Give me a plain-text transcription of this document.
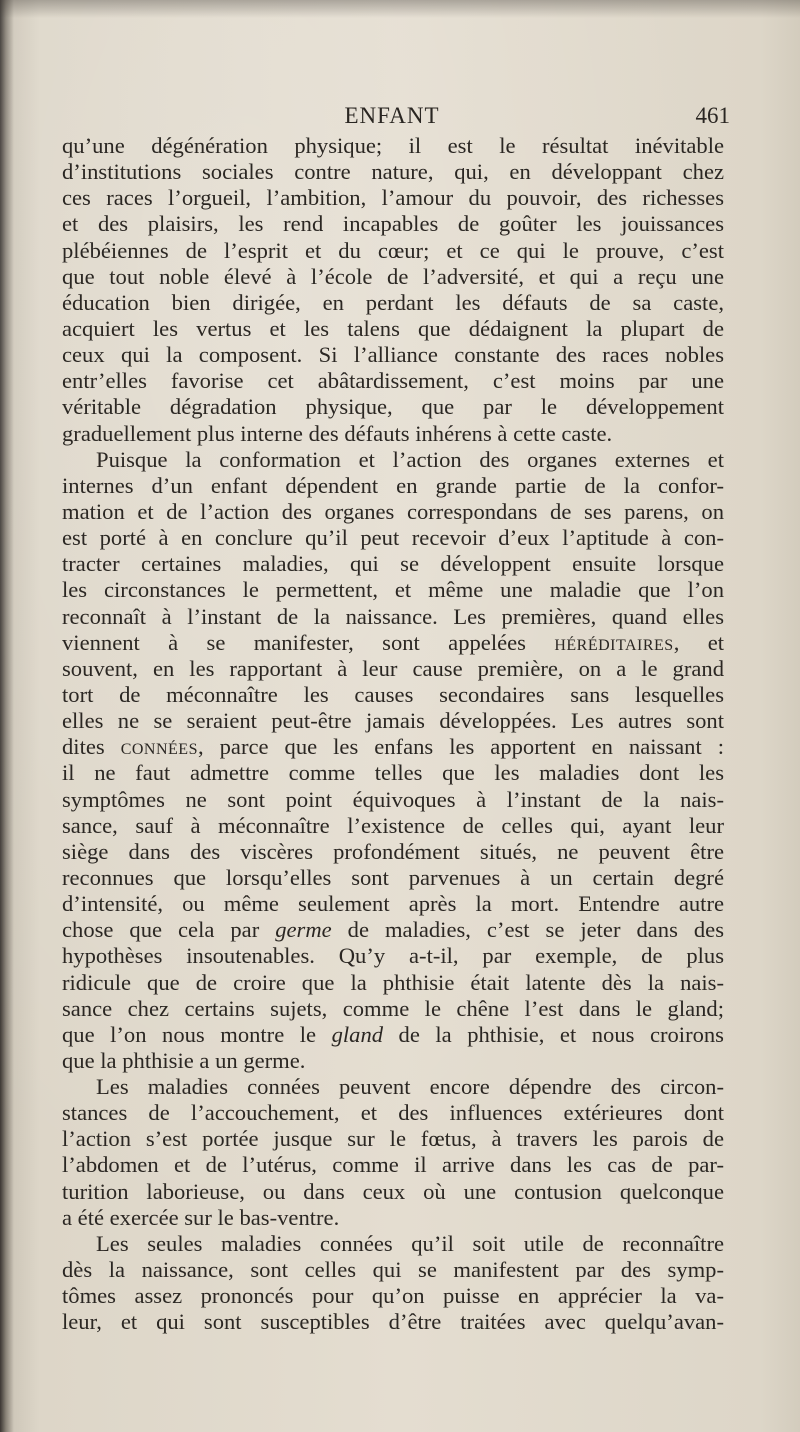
ENFANT	461
qu’une dégénération physique; il est le résultat inévitable
d’institutions sociales contre nature, qui, en développant chez
ces races l’orgueil, l’ambition, l’amour du pouvoir, des richesses
et des plaisirs, les rend incapables de goûter les jouissances
plébéiennes de l’esprit et du cœur; et ce qui le prouve, c’est
que tout noble élevé à l’école de l’adversité, et qui a reçu une
éducation bien dirigée, en perdant les défauts de sa caste,
acquiert les vertus et les talens que dédaignent la plupart de
ceux qui la composent. Si l’alliance constante des races nobles
entr’elles favorise cet abâtardissement, c’est moins par une
véritable dégradation physique, que par le développement
graduellement plus interne des défauts inhérens à cette caste.
Puisque la conformation et l’action des organes externes et
internes d’un enfant dépendent en grande partie de la confor-
mation et de l’action des organes correspondans de ses parens, on
est porté à en conclure qu’il peut recevoir d’eux l’aptitude à con-
tracter certaines maladies, qui se développent ensuite lorsque
les circonstances le permettent, et même une maladie que l’on
reconnaît à l’instant de la naissance. Les premières, quand elles
viennent à se manifester, sont appelées héréditaires, et
souvent, en les rapportant à leur cause première, on a le grand
tort de méconnaître les causes secondaires sans lesquelles
elles ne se seraient peut-être jamais développées. Les autres sont
dites connées, parce que les enfans les apportent en naissant :
il ne faut admettre comme telles que les maladies dont les
symptômes ne sont point équivoques à l’instant de la nais-
sance, sauf à méconnaître l’existence de celles qui, ayant leur
siège dans des viscères profondément situés, ne peuvent être
reconnues que lorsqu’elles sont parvenues à un certain degré
d’intensité, ou même seulement après la mort. Entendre autre
chose que cela par germe de maladies, c’est se jeter dans des
hypothèses insoutenables. Qu’y a-t-il, par exemple, de plus
ridicule que de croire que la phthisie était latente dès la nais-
sance chez certains sujets, comme le chêne l’est dans le gland;
que l’on nous montre le gland de la phthisie, et nous croirons
que la phthisie a un germe.
Les maladies connées peuvent encore dépendre des circon-
stances de l’accouchement, et des influences extérieures dont
l’action s’est portée jusque sur le fœtus, à travers les parois de
l’abdomen et de l’utérus, comme il arrive dans les cas de par-
turition laborieuse, ou dans ceux où une contusion quelconque
a été exercée sur le bas-ventre.
Les seules maladies connées qu’il soit utile de reconnaître
dès la naissance, sont celles qui se manifestent par des symp-
tômes assez prononcés pour qu’on puisse en apprécier la va-
leur, et qui sont susceptibles d’être traitées avec quelqu’avan-
